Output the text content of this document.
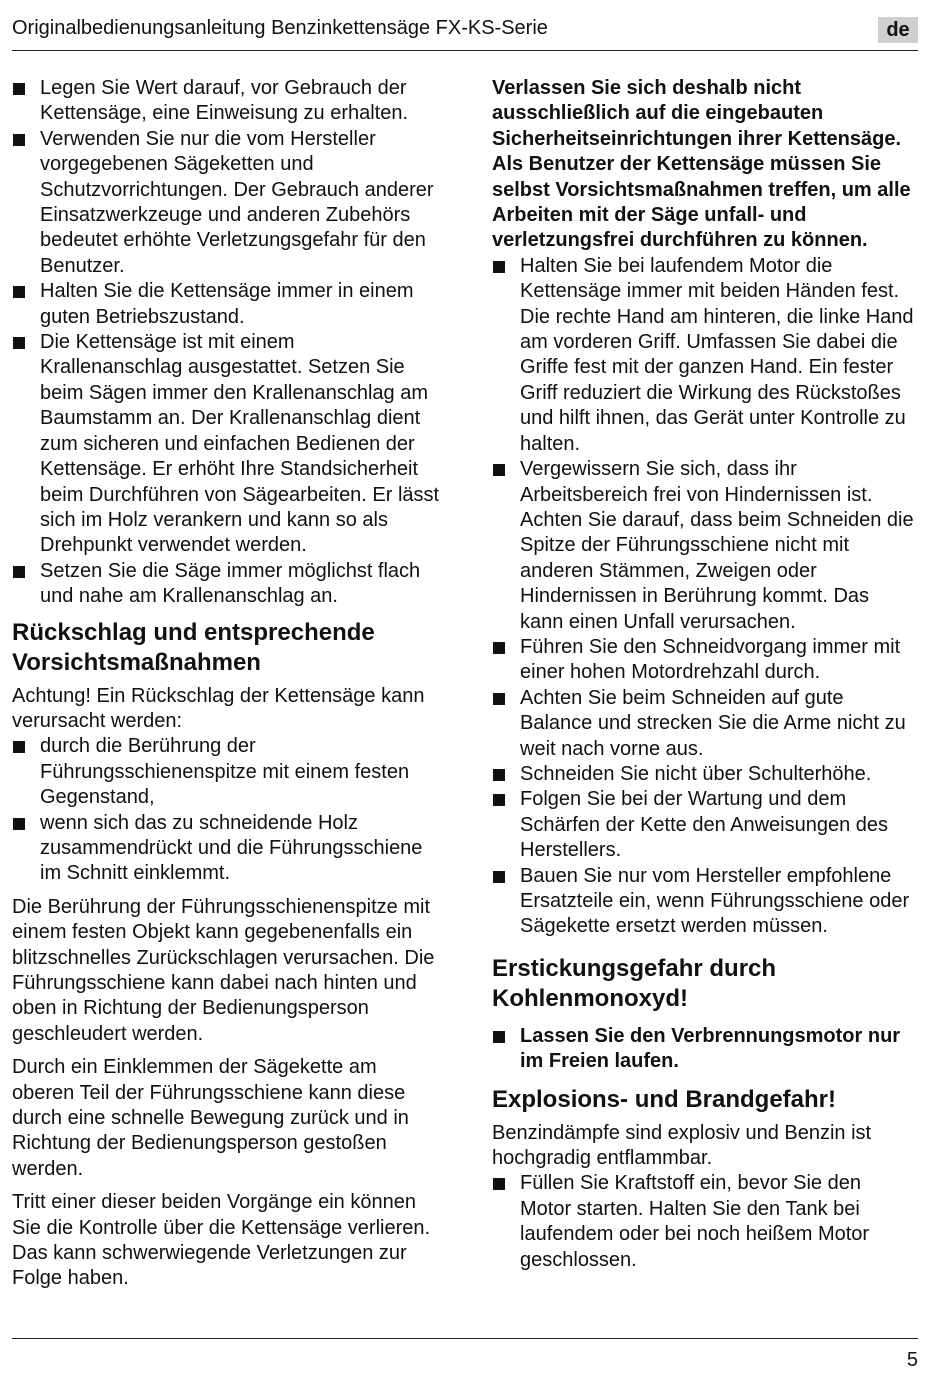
Originalbedienungsanleitung Benzinkettensäge FX-KS-Serie	de
Legen Sie Wert darauf, vor Gebrauch der Kettensäge, eine Einweisung zu erhalten.
Verwenden Sie nur die vom Hersteller vorgegebenen Sägeketten und Schutzvorrichtungen. Der Gebrauch anderer Einsatzwerkzeuge und anderen Zubehörs bedeutet erhöhte Verletzungsgefahr für den Benutzer.
Halten Sie die Kettensäge immer in einem guten Betriebszustand.
Die Kettensäge ist mit einem Krallenanschlag ausgestattet. Setzen Sie beim Sägen immer den Krallenanschlag am Baumstamm an. Der Krallenanschlag dient zum sicheren und einfachen Bedienen der Kettensäge. Er erhöht Ihre Standsicherheit beim Durchführen von Sägearbeiten. Er lässt sich im Holz verankern und kann so als Drehpunkt verwendet werden.
Setzen Sie die Säge immer möglichst flach und nahe am Krallenanschlag an.
Rückschlag und entsprechende Vorsichtsmaßnahmen

Achtung! Ein Rückschlag der Kettensäge kann verursacht werden:

durch die Berührung der Führungsschienenspitze mit einem festen Gegenstand,
wenn sich das zu schneidende Holz zusammendrückt und die Führungsschiene im Schnitt einklemmt.

Die Berührung der Führungsschienenspitze mit einem festen Objekt kann gegebenenfalls ein blitzschnelles Zurückschlagen verursachen. Die Führungsschiene kann dabei nach hinten und oben in Richtung der Bedienungsperson geschleudert werden.

Durch ein Einklemmen der Sägekette am oberen Teil der Führungsschiene kann diese durch eine schnelle Bewegung zurück und in Richtung der Bedienungsperson gestoßen werden.

Tritt einer dieser beiden Vorgänge ein können Sie die Kontrolle über die Kettensäge verlieren. Das kann schwerwiegende Verletzungen zur Folge haben.

Verlassen Sie sich deshalb nicht ausschließlich auf die eingebauten Sicherheitseinrichtungen ihrer Kettensäge.

Als Benutzer der Kettensäge müssen Sie selbst Vorsichtsmaßnahmen treffen, um alle Arbeiten mit der Säge unfall- und verletzungsfrei durchführen zu können.

Halten Sie bei laufendem Motor die Kettensäge immer mit beiden Händen fest. Die rechte Hand am hinteren, die linke Hand am vorderen Griff. Umfassen Sie dabei die Griffe fest mit der ganzen Hand. Ein fester Griff reduziert die Wirkung des Rückstoßes und hilft ihnen, das Gerät unter Kontrolle zu halten.
Vergewissern Sie sich, dass ihr Arbeitsbereich frei von Hindernissen ist. Achten Sie darauf, dass beim Schneiden die Spitze der Führungsschiene nicht mit anderen Stämmen, Zweigen oder Hindernissen in Berührung kommt. Das kann einen Unfall verursachen.
Führen Sie den Schneidvorgang immer mit einer hohen Motordrehzahl durch.
Achten Sie beim Schneiden auf gute Balance und strecken Sie die Arme nicht zu weit nach vorne aus.
Schneiden Sie nicht über Schulterhöhe.
Folgen Sie bei der Wartung und dem Schärfen der Kette den Anweisungen des Herstellers.
Bauen Sie nur vom Hersteller empfohlene Ersatzteile ein, wenn Führungsschiene oder Sägekette ersetzt werden müssen.
Erstickungsgefahr durch Kohlenmonoxyd!
Lassen Sie den Verbrennungsmotor nur im Freien laufen.
Explosions- und Brandgefahr!

Benzindämpfe sind explosiv und Benzin ist hochgradig entflammbar.

Füllen Sie Kraftstoff ein, bevor Sie den Motor starten. Halten Sie den Tank bei laufendem oder bei noch heißem Motor geschlossen.
5
